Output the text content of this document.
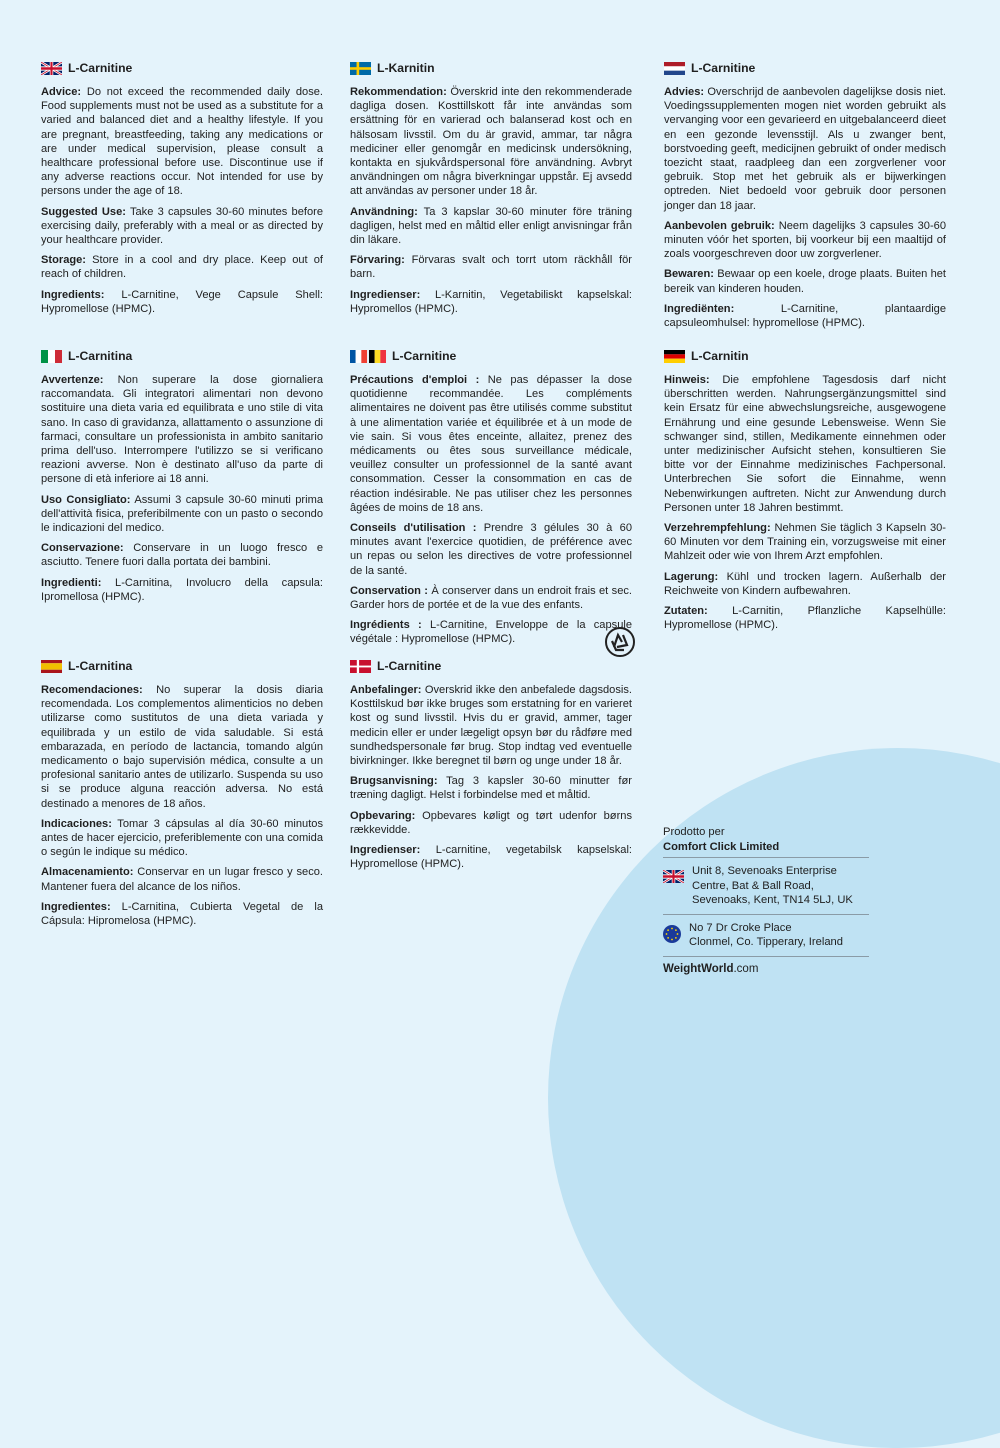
L-Carnitine
Advice: Do not exceed the recommended daily dose. Food supplements must not be used as a substitute for a varied and balanced diet and a healthy lifestyle. If you are pregnant, breastfeeding, taking any medications or are under medical supervision, please consult a healthcare professional before use. Discontinue use if any adverse reactions occur. Not intended for use by persons under the age of 18.
Suggested Use: Take 3 capsules 30-60 minutes before exercising daily, preferably with a meal or as directed by your healthcare provider.
Storage: Store in a cool and dry place. Keep out of reach of children.
Ingredients: L-Carnitine, Vege Capsule Shell: Hypromellose (HPMC).
L-Karnitin
Rekommendation: Överskrid inte den rekommenderade dagliga dosen. Kosttillskott får inte användas som ersättning för en varierad och balanserad kost och en hälsosam livsstil. Om du är gravid, ammar, tar några mediciner eller genomgår en medicinsk undersökning, kontakta en sjukvårdspersonal före användning. Avbryt användningen om några biverkningar uppstår. Ej avsedd att användas av personer under 18 år.
Användning: Ta 3 kapslar 30-60 minuter före träning dagligen, helst med en måltid eller enligt anvisningar från din läkare.
Förvaring: Förvaras svalt och torrt utom räckhåll för barn.
Ingredienser: L-Karnitin, Vegetabiliskt kapselskal: Hypromellos (HPMC).
L-Carnitine
Advies: Overschrijd de aanbevolen dagelijkse dosis niet. Voedingssupplementen mogen niet worden gebruikt als vervanging voor een gevarieerd en uitgebalanceerd dieet en een gezonde levensstijl. Als u zwanger bent, borstvoeding geeft, medicijnen gebruikt of onder medisch toezicht staat, raadpleeg dan een zorgverlener voor gebruik. Stop met het gebruik als er bijwerkingen optreden. Niet bedoeld voor gebruik door personen jonger dan 18 jaar.
Aanbevolen gebruik: Neem dagelijks 3 capsules 30-60 minuten vóór het sporten, bij voorkeur bij een maaltijd of zoals voorgeschreven door uw zorgverlener.
Bewaren: Bewaar op een koele, droge plaats. Buiten het bereik van kinderen houden.
Ingrediënten: L-Carnitine, plantaardige capsuleomhulsel: hypromellose (HPMC).
L-Carnitina
Avvertenze: Non superare la dose giornaliera raccomandata. Gli integratori alimentari non devono sostituire una dieta varia ed equilibrata e uno stile di vita sano. In caso di gravidanza, allattamento o assunzione di farmaci, consultare un professionista in ambito sanitario prima dell'uso. Interrompere l'utilizzo se si verificano reazioni avverse. Non è destinato all'uso da parte di persone di età inferiore ai 18 anni.
Uso Consigliato: Assumi 3 capsule 30-60 minuti prima dell'attività fisica, preferibilmente con un pasto o secondo le indicazioni del medico.
Conservazione: Conservare in un luogo fresco e asciutto. Tenere fuori dalla portata dei bambini.
Ingredienti: L-Carnitina, Involucro della capsula: Ipromellosa (HPMC).
L-Carnitine
Précautions d'emploi : Ne pas dépasser la dose quotidienne recommandée. Les compléments alimentaires ne doivent pas être utilisés comme substitut à une alimentation variée et équilibrée et à un mode de vie sain. Si vous êtes enceinte, allaitez, prenez des médicaments ou êtes sous surveillance médicale, veuillez consulter un professionnel de la santé avant consommation. Cesser la consommation en cas de réaction indésirable. Ne pas utiliser chez les personnes âgées de moins de 18 ans.
Conseils d'utilisation : Prendre 3 gélules 30 à 60 minutes avant l'exercice quotidien, de préférence avec un repas ou selon les directives de votre professionnel de la santé.
Conservation : À conserver dans un endroit frais et sec. Garder hors de portée et de la vue des enfants.
Ingrédients : L-Carnitine, Enveloppe de la capsule végétale : Hypromellose (HPMC).
L-Carnitin
Hinweis: Die empfohlene Tagesdosis darf nicht überschritten werden. Nahrungsergänzungsmittel sind kein Ersatz für eine abwechslungsreiche, ausgewogene Ernährung und eine gesunde Lebensweise. Wenn Sie schwanger sind, stillen, Medikamente einnehmen oder unter medizinischer Aufsicht stehen, konsultieren Sie bitte vor der Einnahme medizinisches Fachpersonal. Unterbrechen Sie sofort die Einnahme, wenn Nebenwirkungen auftreten. Nicht zur Anwendung durch Personen unter 18 Jahren bestimmt.
Verzehrempfehlung: Nehmen Sie täglich 3 Kapseln 30-60 Minuten vor dem Training ein, vorzugsweise mit einer Mahlzeit oder wie von Ihrem Arzt empfohlen.
Lagerung: Kühl und trocken lagern. Außerhalb der Reichweite von Kindern aufbewahren.
Zutaten: L-Carnitin, Pflanzliche Kapselhülle: Hypromellose (HPMC).
L-Carnitina
Recomendaciones: No superar la dosis diaria recomendada. Los complementos alimenticios no deben utilizarse como sustitutos de una dieta variada y equilibrada y un estilo de vida saludable. Si está embarazada, en período de lactancia, tomando algún medicamento o bajo supervisión médica, consulte a un profesional sanitario antes de utilizarlo. Suspenda su uso si se produce alguna reacción adversa. No está destinado a menores de 18 años.
Indicaciones: Tomar 3 cápsulas al día 30-60 minutos antes de hacer ejercicio, preferiblemente con una comida o según le indique su médico.
Almacenamiento: Conservar en un lugar fresco y seco. Mantener fuera del alcance de los niños.
Ingredientes: L-Carnitina, Cubierta Vegetal de la Cápsula: Hipromelosa (HPMC).
L-Carnitine
Anbefalinger: Overskrid ikke den anbefalede dagsdosis. Kosttilskud bør ikke bruges som erstatning for en varieret kost og sund livsstil. Hvis du er gravid, ammer, tager medicin eller er under lægeligt opsyn bør du rådføre med sundhedspersonale før brug. Stop indtag ved eventuelle bivirkninger. Ikke beregnet til børn og unge under 18 år.
Brugsanvisning: Tag 3 kapsler 30-60 minutter før træning dagligt. Helst i forbindelse med et måltid.
Opbevaring: Opbevares køligt og tørt udenfor børns rækkevidde.
Ingredienser: L-carnitine, vegetabilsk kapselskal: Hypromellose (HPMC).
Prodotto per
Comfort Click Limited
Unit 8, Sevenoaks Enterprise
Centre, Bat & Ball Road,
Sevenoaks, Kent, TN14 5LJ, UK
No 7 Dr Croke Place
Clonmel, Co. Tipperary, Ireland
WeightWorld.com
